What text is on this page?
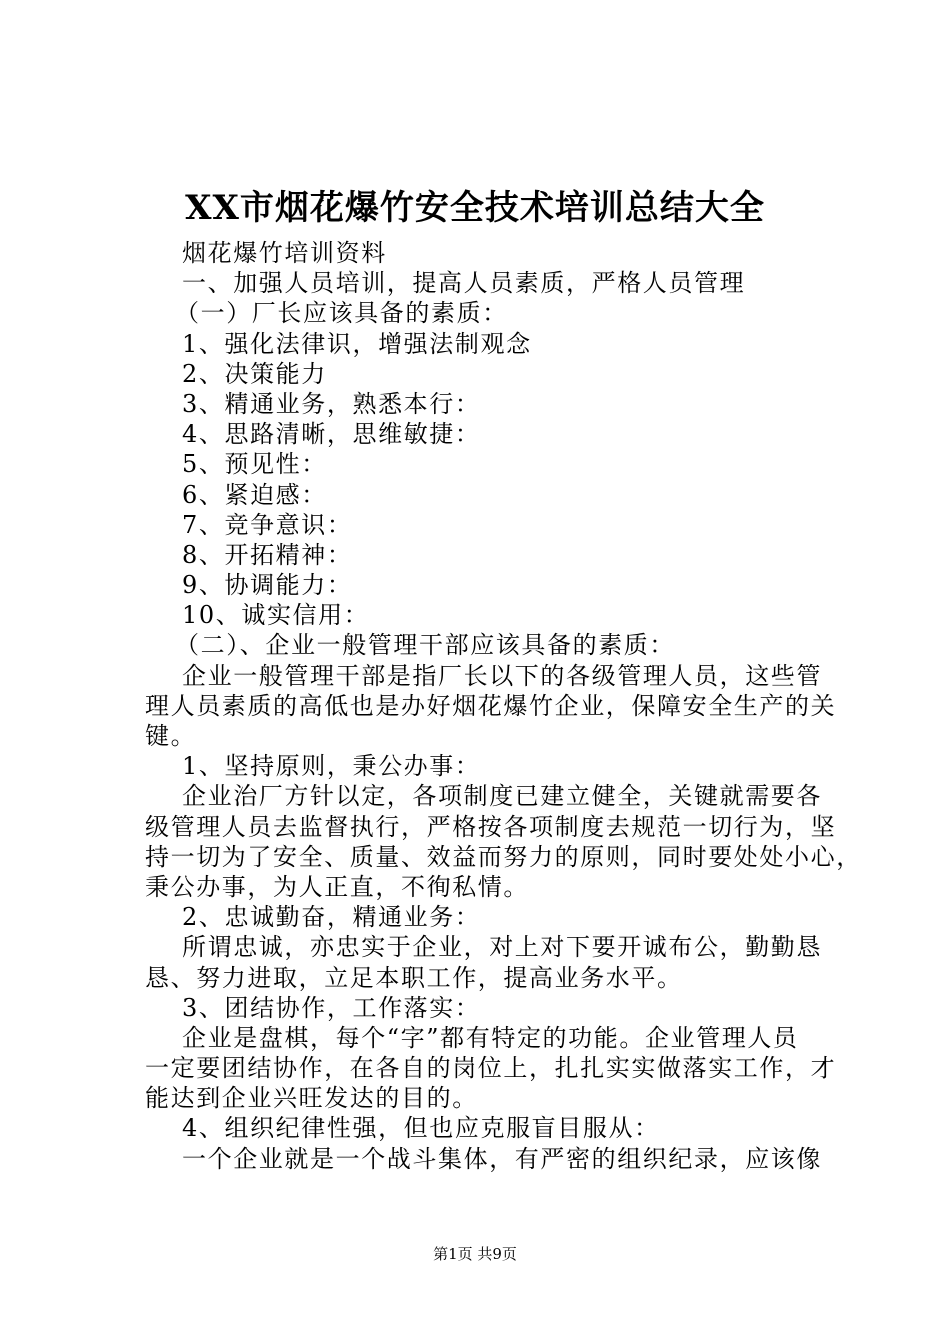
XX市烟花爆竹安全技术培训总结大全
烟花爆竹培训资料
一、加强人员培训，提高人员素质，严格人员管理
（一）厂长应该具备的素质：
1、强化法律识，增强法制观念
2、决策能力
3、精通业务，熟悉本行：
4、思路清晰，思维敏捷：
5、预见性：
6、紧迫感：
7、竞争意识：
8、开拓精神：
9、协调能力：
10、诚实信用：
（二）、企业一般管理干部应该具备的素质：
企业一般管理干部是指厂长以下的各级管理人员，这些管
理人员素质的高低也是办好烟花爆竹企业，保障安全生产的关
键。
1、坚持原则，秉公办事：
企业治厂方针以定，各项制度已建立健全，关键就需要各
级管理人员去监督执行，严格按各项制度去规范一切行为，坚
持一切为了安全、质量、效益而努力的原则，同时要处处小心，
秉公办事，为人正直，不徇私情。
2、忠诚勤奋，精通业务：
所谓忠诚，亦忠实于企业，对上对下要开诚布公，勤勤恳
恳、努力进取，立足本职工作，提高业务水平。
3、团结协作，工作落实：
企业是盘棋，每个“字”都有特定的功能。企业管理人员
一定要团结协作，在各自的岗位上，扎扎实实做落实工作，才
能达到企业兴旺发达的目的。
4、组织纪律性强，但也应克服盲目服从：
一个企业就是一个战斗集体，有严密的组织纪录，应该像
第1页 共9页
